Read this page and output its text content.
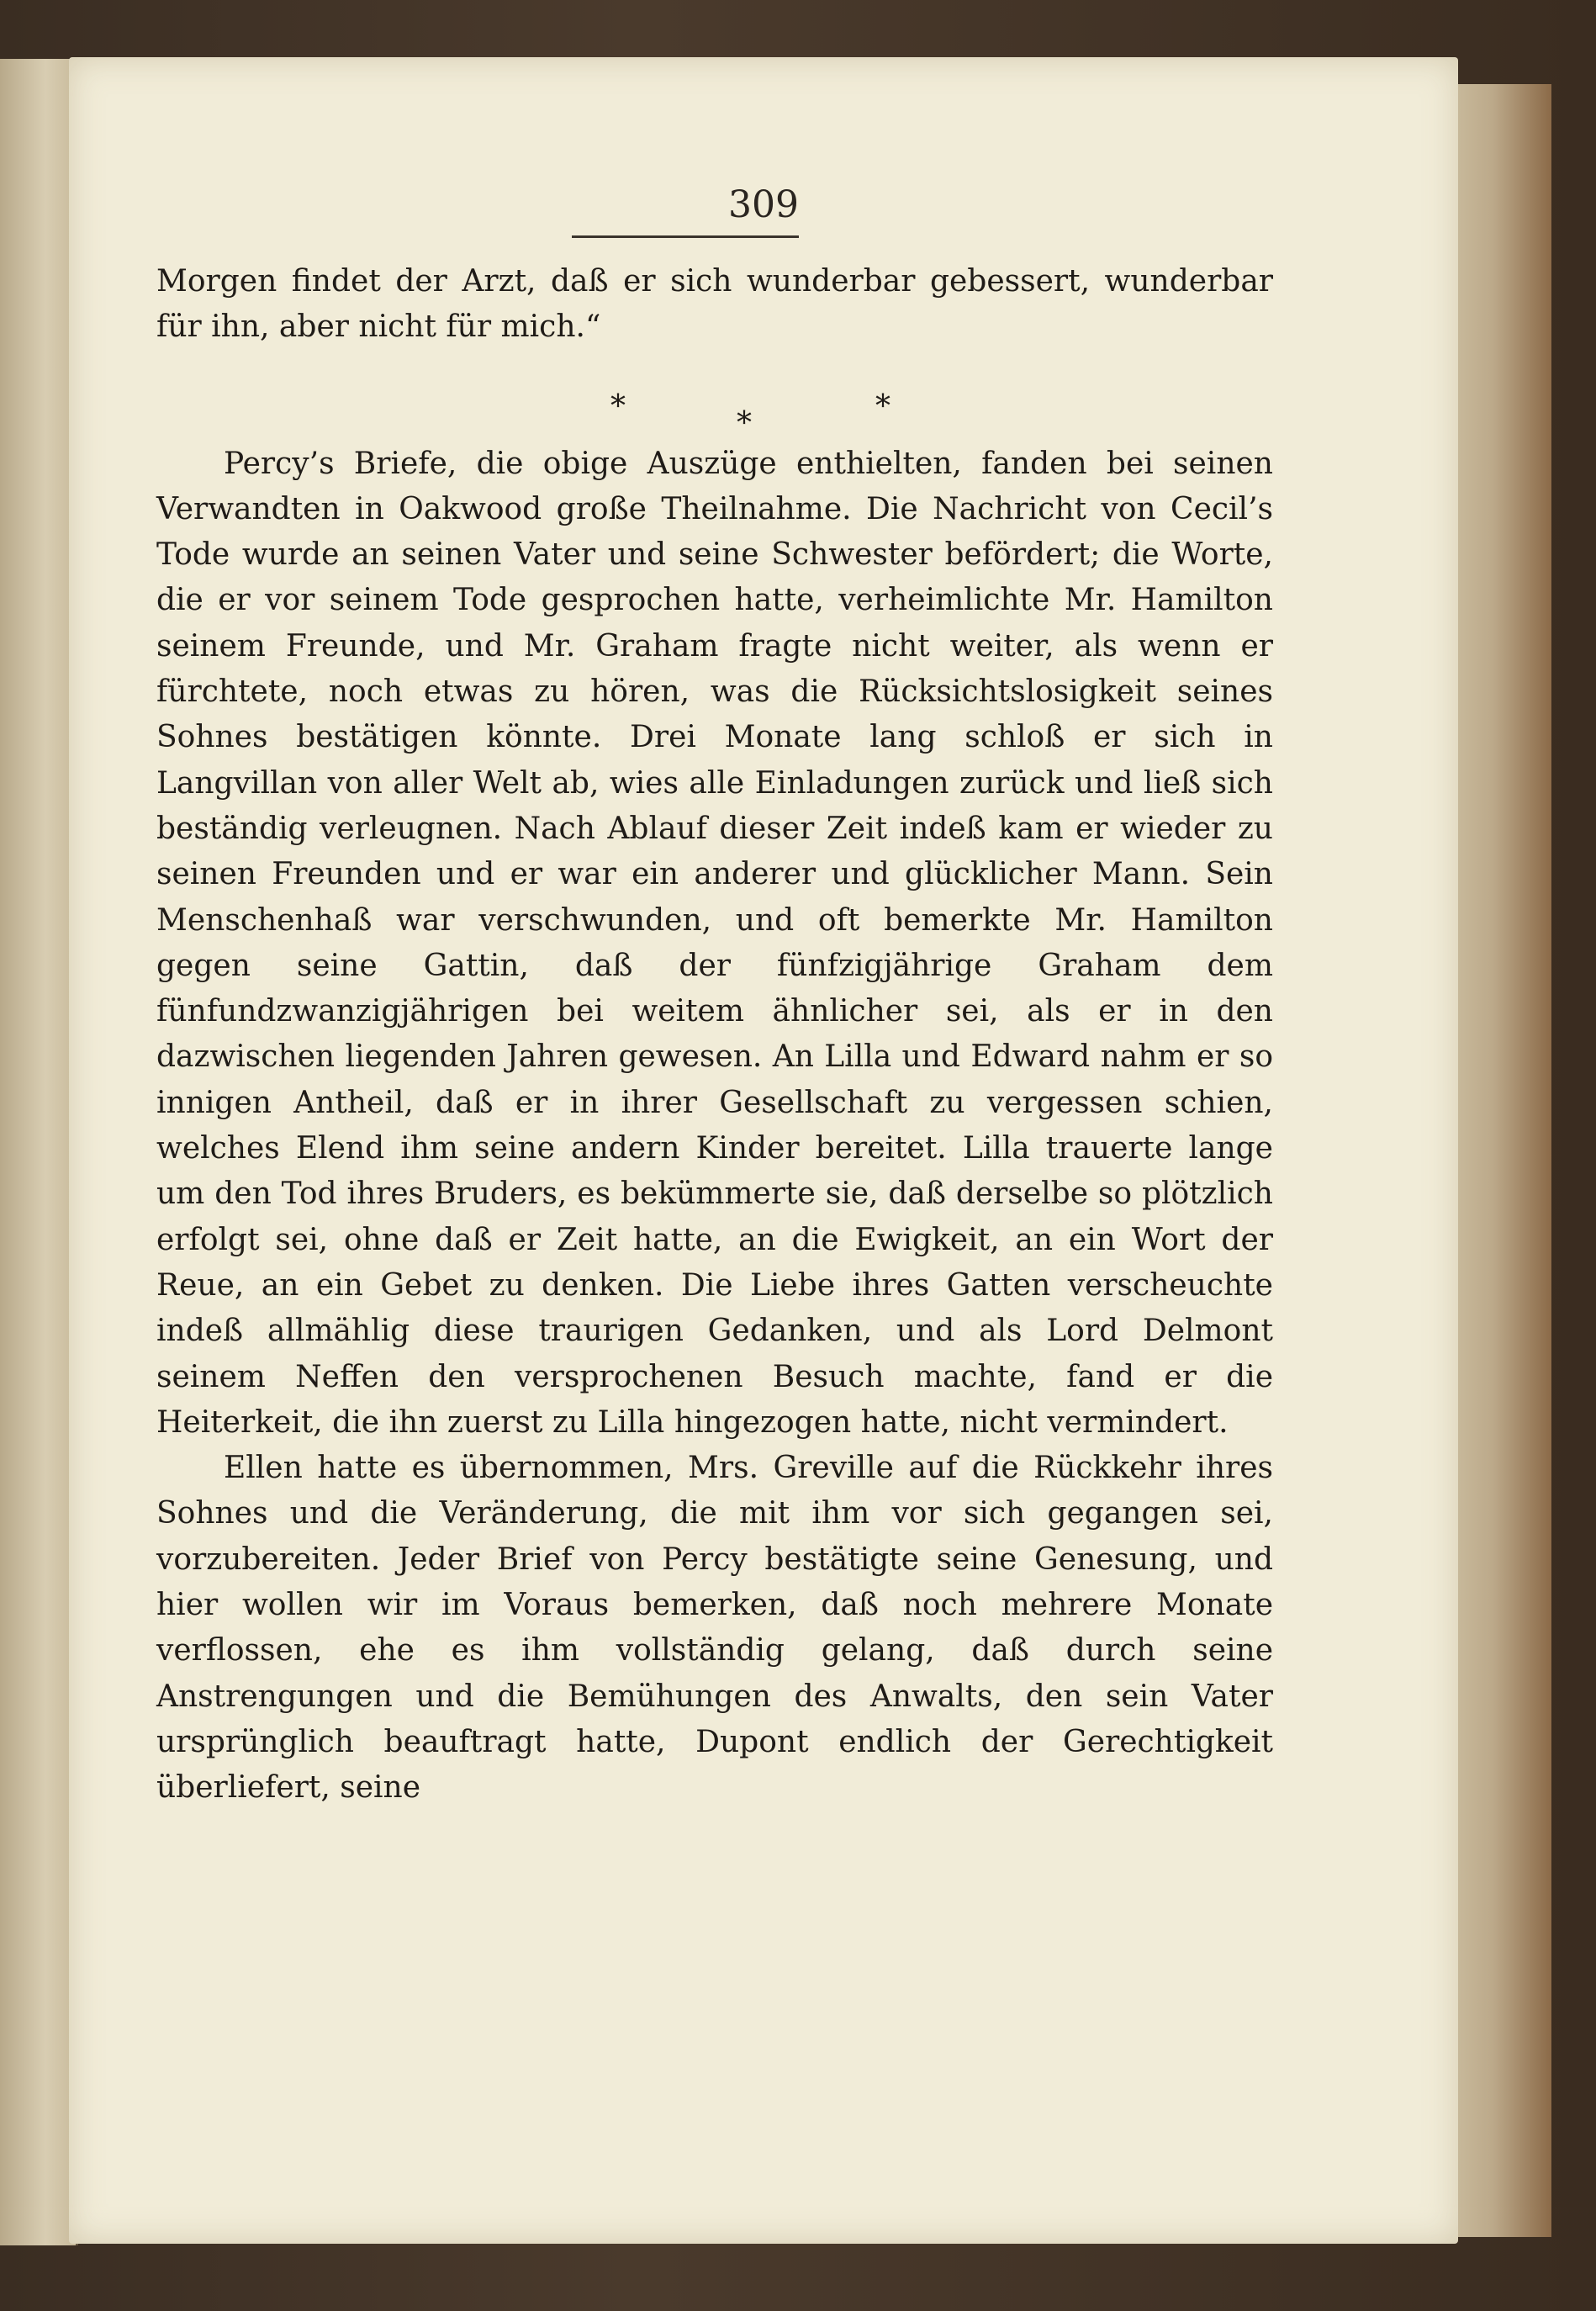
309

Morgen findet der Arzt, daß er sich wunderbar gebessert, wunderbar für ihn, aber nicht für mich.“

*	*	*

Percy’s Briefe, die obige Auszüge enthielten, fanden bei seinen Verwandten in Oakwood große Theilnahme. Die Nachricht von Cecil’s Tode wurde an seinen Vater und seine Schwester befördert; die Worte, die er vor seinem Tode gesprochen hatte, verheimlichte Mr. Hamilton seinem Freunde, und Mr. Graham fragte nicht weiter, als wenn er fürchtete, noch etwas zu hören, was die Rücksichtslosigkeit seines Sohnes bestätigen könnte. Drei Monate lang schloß er sich in Langvillan von aller Welt ab, wies alle Einladungen zurück und ließ sich beständig verleugnen. Nach Ablauf dieser Zeit indeß kam er wieder zu seinen Freunden und er war ein anderer und glücklicher Mann. Sein Menschenhaß war verschwunden, und oft bemerkte Mr. Hamilton gegen seine Gattin, daß der fünfzigjährige Graham dem fünfundzwanzigjährigen bei weitem ähnlicher sei, als er in den dazwischen liegenden Jahren gewesen. An Lilla und Edward nahm er so innigen Antheil, daß er in ihrer Gesellschaft zu vergessen schien, welches Elend ihm seine andern Kinder bereitet. Lilla trauerte lange um den Tod ihres Bruders, es bekümmerte sie, daß derselbe so plötzlich erfolgt sei, ohne daß er Zeit hatte, an die Ewigkeit, an ein Wort der Reue, an ein Gebet zu denken. Die Liebe ihres Gatten verscheuchte indeß allmählig diese traurigen Gedanken, und als Lord Delmont seinem Neffen den versprochenen Besuch machte, fand er die Heiterkeit, die ihn zuerst zu Lilla hingezogen hatte, nicht vermindert.

Ellen hatte es übernommen, Mrs. Greville auf die Rückkehr ihres Sohnes und die Veränderung, die mit ihm vor sich gegangen sei, vorzubereiten. Jeder Brief von Percy bestätigte seine Genesung, und hier wollen wir im Voraus bemerken, daß noch mehrere Monate verflossen, ehe es ihm vollständig gelang, daß durch seine Anstrengungen und die Bemühungen des Anwalts, den sein Vater ursprünglich beauftragt hatte, Dupont endlich der Gerechtigkeit überliefert, seine
